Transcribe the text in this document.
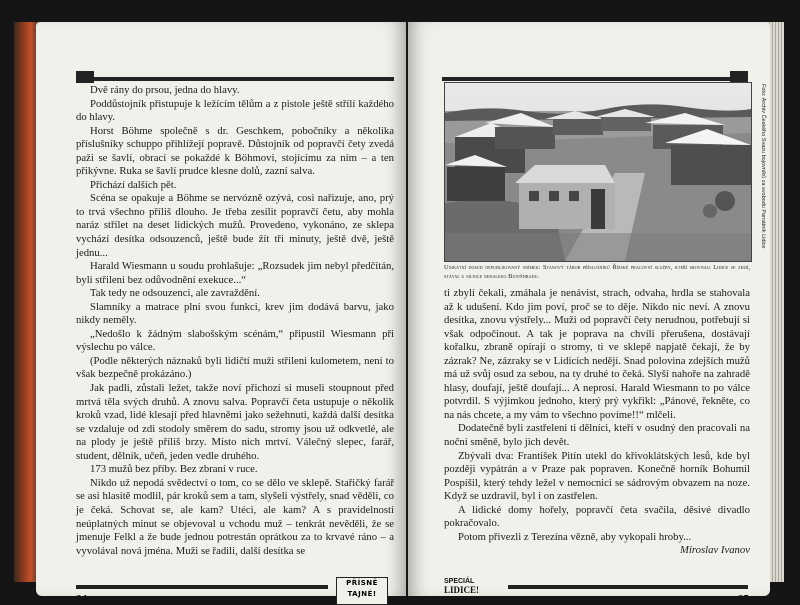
Dvě rány do prsou, jedna do hlavy.

Poddůstojník přistupuje k ležícím tělům a z pistole ještě střílí každého do hlavy.

Horst Böhme společně s dr. Geschkem, pobočníky a několika příslušníky schuppo přihlížejí popravě. Důstojník od popravčí čety zvedá paži se šavlí, obrací se pokaždé k Böhmovi, stojícímu za ním – a ten přikývne. Ruka se šavlí prudce klesne dolů, zazní salva.

Přichází dalších pět.

Scéna se opakuje a Böhme se nervózně ozývá, cosi nařizuje, ano, prý to trvá všechno příliš dlouho. Je třeba zesílit popravčí četu, aby mohla naráz střílet na deset lidických mužů. Provedeno, vykonáno, ze sklepa vychází desítka odsouzenců, ještě bude žít tři minuty, ještě dvě, ještě jednu...

Harald Wiesmann u soudu prohlašuje: „Rozsudek jim nebyl předčítán, byli střileni bez odůvodnění exekuce...“

Tak tedy ne odsouzenci, ale zavraždění.

Slamníky a matrace plní svou funkci, krev jim dodává barvu, jako nikdy neměly.

„Nedošlo k žádným slabošským scénám,“ připustil Wiesmann při výslechu po válce.

(Podle některých náznaků byli lidičtí muži střileni kulometem, není to však bezpečně prokázáno.)

Jak padli, zůstali ležet, takže noví přichozí si museli stoupnout před mrtvá těla svých druhů. A znovu salva. Popravčí četa ustupuje o několik kroků vzad, lidé klesají před hlavněmi jako sežehnuti, každá další desítka se vzdaluje od zdi stodoly směrem do sadu, stromy jsou už odkvetlé, ale na plody je ještě příliš brzy. Místo nich mrtví. Válečný slepec, farář, student, dělník, učeň, jeden vedle druhého.

173 mužů bez příby. Bez zbraní v ruce.

Nikdo už nepodá svědectví o tom, co se dělo ve sklepě. Stařičký farář se asi hlasitě modlil, pár kroků sem a tam, slyšeli výstřely, snad věděli, co je čeká. Schovat se, ale kam? Utéci, ale kam? A s pravidelností neúplatných minut se objevoval u vchodu muž – tenkrát nevěděli, že se jmenuje Felkl a že bude jednou potrestán oprátkou za to krvavé ráno – a vyvolával nová jména. Muži se řadili, další desítka se

24
PŘÍSNĚ
TAJNÉ!
Foto: Archiv Českého Svazu bojovníků za svobodu Památník Lidice
Unikátní dosud nepublikovaný snímek: Stanový tábor příslušníků Říšské pracovní služby, kteří srovnali Lidice se zemí, stával u silnice nedaleko Buštěhradu.

ti zbylí čekali, zmáhala je nenávist, strach, odvaha, hrdla se stahovala až k udušení. Kdo jim poví, proč se to děje. Nikdo nic neví. A znovu desítka, znovu výstřely... Muži od popravčí čety nerudnou, potřebují si však odpočinout. A tak je poprava na chvíli přerušena, dostávají kořalku, zbraně opírají o stromy, ti ve sklepě napjatě čekají, že by zázrak? Ne, zázraky se v Lidicích nedějí. Snad polovina zdejších mužů má už svůj osud za sebou, na ty druhé to čeká. Slyší nahoře na zahradě hlasy, doufají, ještě doufají... A neprosí. Harald Wiesmann to po válce potvrdil. S výjimkou jednoho, který prý vykřikl: „Pánové, řekněte, co na nás chcete, a my vám to všechno povíme!!“ mlčeli.

Dodatečně byli zastřeleni ti dělníci, kteří v osudný den pracovali na noční směně, bylo jich devět.

Zbývali dva: František Pitín utekl do křivoklátských lesů, kde byl později vypátrán a v Praze pak popraven. Konečně horník Bohumil Pospíšil, který tehdy ležel v nemocnici se sádrovým obvazem na noze. Když se uzdravil, byl i on zastřelen.

A lidické domy hořely, popravčí četa svačila, děsivé divadlo pokračovalo.

Potom přivezli z Terezína vězně, aby vykopali hroby...

Miroslav Ivanov

SPECIÁL
LIDICE!
25
